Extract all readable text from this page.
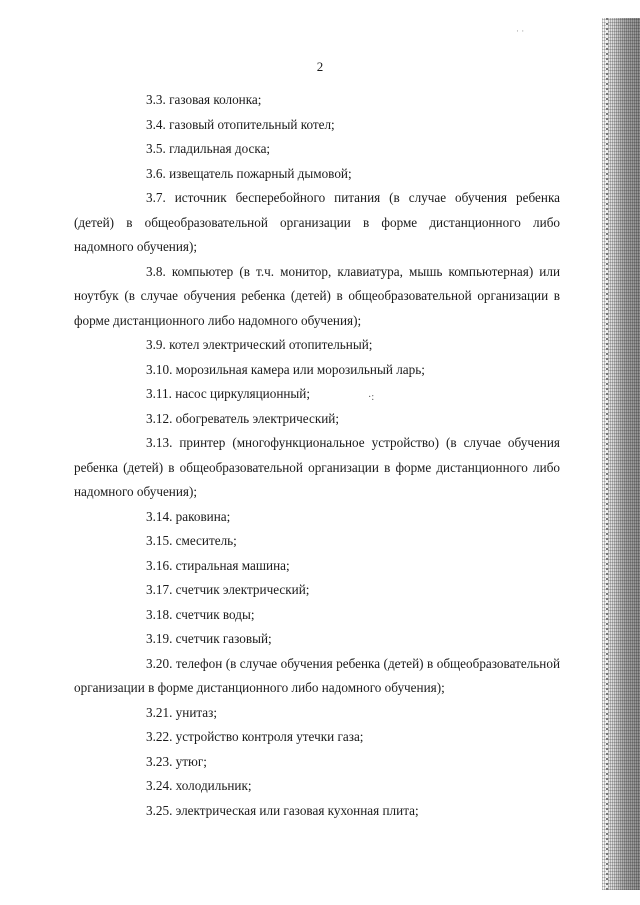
· ·
2

3.3. газовая колонка;

3.4. газовый отопительный котел;

3.5. гладильная доска;

3.6. извещатель пожарный дымовой;

3.7. источник бесперебойного питания (в случае обучения ребенка (детей) в общеобразовательной организации в форме дистанционного либо надомного обучения);

3.8. компьютер (в т.ч. монитор, клавиатура, мышь компьютерная) или ноутбук (в случае обучения ребенка (детей) в общеобразовательной организации в форме дистанционного либо надомного обучения);

3.9. котел электрический отопительный;

3.10. морозильная камера или морозильный ларь;

3.11. насос циркуляционный;

3.12. обогреватель электрический;

3.13. принтер (многофункциональное устройство) (в случае обучения ребенка (детей) в общеобразовательной организации в форме дистанционного либо надомного обучения);

3.14. раковина;

3.15. смеситель;

3.16. стиральная машина;

3.17. счетчик электрический;

3.18. счетчик воды;

3.19. счетчик газовый;

3.20. телефон (в случае обучения ребенка (детей) в общеобразовательной организации в форме дистанционного либо надомного обучения);

3.21. унитаз;

3.22. устройство контроля утечки газа;

3.23. утюг;

3.24. холодильник;

3.25. электрическая или газовая кухонная плита;

·:
